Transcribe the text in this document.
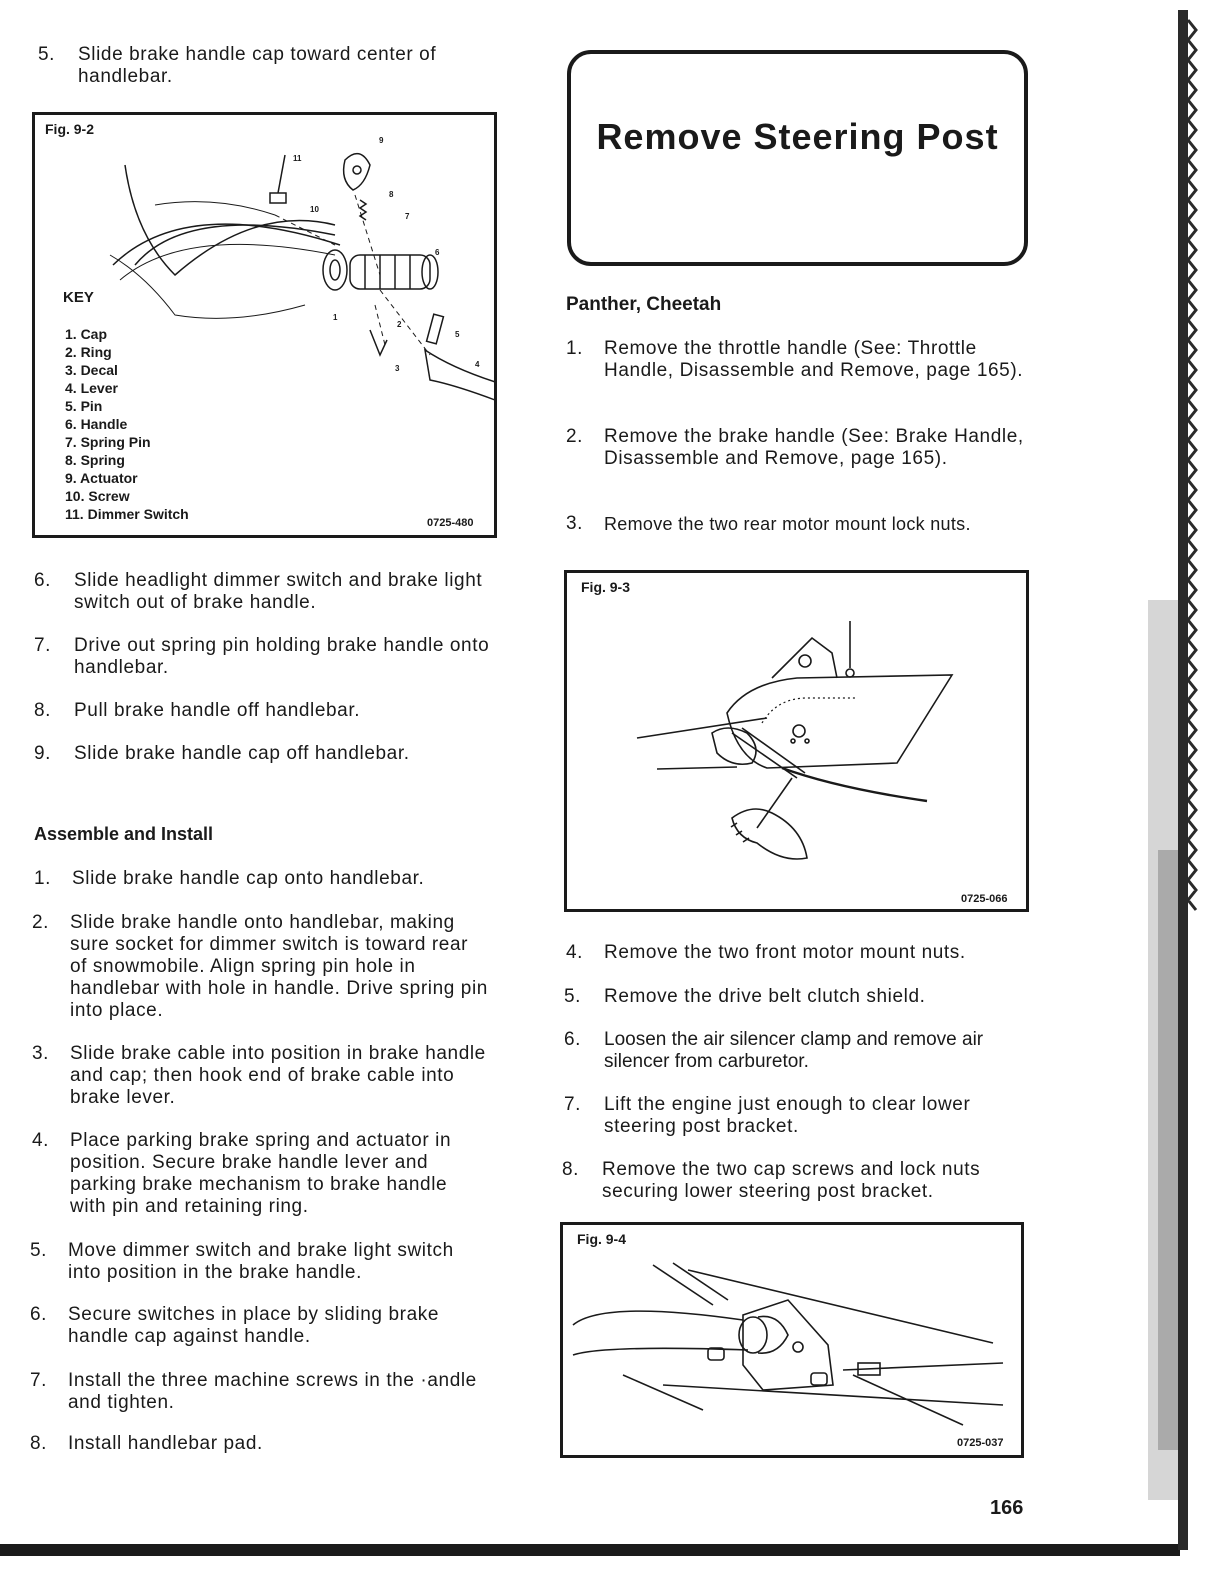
5. Slide brake handle cap toward center of handlebar.
Fig. 9-2
11
10
9
8
7
6
5
4
3
2
1
KEY
1. Cap
2. Ring
3. Decal
4. Lever
5. Pin
6. Handle
7. Spring Pin
8. Spring
9. Actuator
10. Screw
11. Dimmer Switch
0725-480
6. Slide headlight dimmer switch and brake light switch out of brake handle.
7. Drive out spring pin holding brake handle onto handlebar.
8. Pull brake handle off handlebar.
9. Slide brake handle cap off handlebar.
Assemble and Install
1. Slide brake handle cap onto handlebar.
2. Slide brake handle onto handlebar, making sure socket for dimmer switch is toward rear of snowmobile. Align spring pin hole in handlebar with hole in handle. Drive spring pin into place.
3. Slide brake cable into position in brake handle and cap; then hook end of brake cable into brake lever.
4. Place parking brake spring and actuator in position. Secure brake handle lever and parking brake mechanism to brake handle with pin and retaining ring.
5. Move dimmer switch and brake light switch into position in the brake handle.
6. Secure switches in place by sliding brake handle cap against handle.
7. Install the three machine screws in the ·andle and tighten.
8. Install handlebar pad.
Remove Steering Post
Panther, Cheetah
1. Remove the throttle handle (See: Throttle Handle, Disassemble and Remove, page 165).
2. Remove the brake handle (See: Brake Handle, Disassemble and Remove, page 165).
3. Remove the two rear motor mount lock nuts.
Fig. 9-3
0725-066
4. Remove the two front motor mount nuts.
5. Remove the drive belt clutch shield.
6. Loosen the air silencer clamp and remove air silencer from carburetor.
7. Lift the engine just enough to clear lower steering post bracket.
8. Remove the two cap screws and lock nuts securing lower steering post bracket.
Fig. 9-4
0725-037
166
